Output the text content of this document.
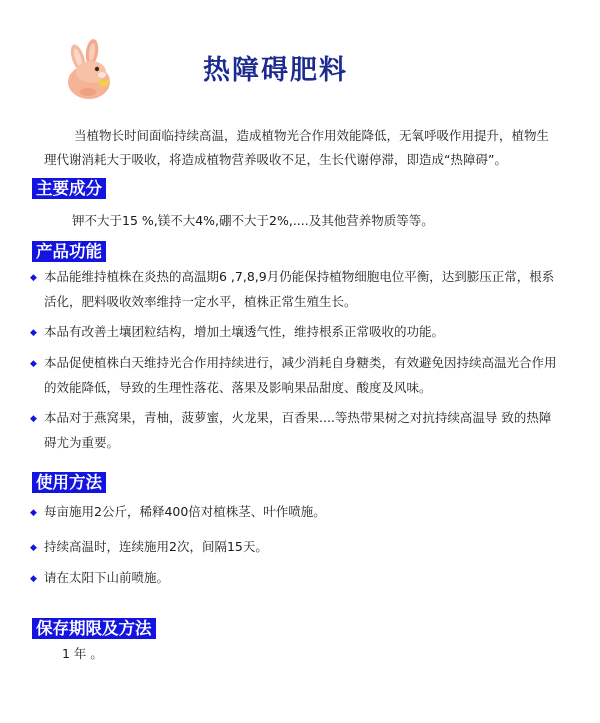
热障碍肥料

当植物长时间面临持续高温，造成植物光合作用效能降低，无氧呼吸作用提升，植物生理代谢消耗大于吸收，将造成植物营养吸收不足，生长代谢停滞，即造成“热障碍”。

主要成分

钾不大于15 %,镁不大4%,硼不大于2%,....及其他营养物质等等。

产品功能
◆ 本品能维持植株在炎热的高温期6 ,7,8,9月仍能保持植物细胞电位平衡，达到膨压正常，根系活化，肥料吸收效率维持一定水平，植株正常生殖生长。
◆ 本品有改善土壤团粒结构，增加土壤透气性，维持根系正常吸收的功能。
◆ 本品促使植株白天维持光合作用持续进行，减少消耗自身糖类，有效避免因持续高温光合作用的效能降低，导致的生理性落花、落果及影响果品甜度、酸度及风味。
◆ 本品对于燕窝果，青柚，菠萝蜜，火龙果，百香果....等热带果树之对抗持续高温导 致的热障碍尤为重要。
使用方法
◆ 每亩施用2公斤，稀释400倍对植株茎、叶作喷施。
◆ 持续高温时，连续施用2次，间隔15天。
◆ 请在太阳下山前喷施。
保存期限及方法

1 年 。
